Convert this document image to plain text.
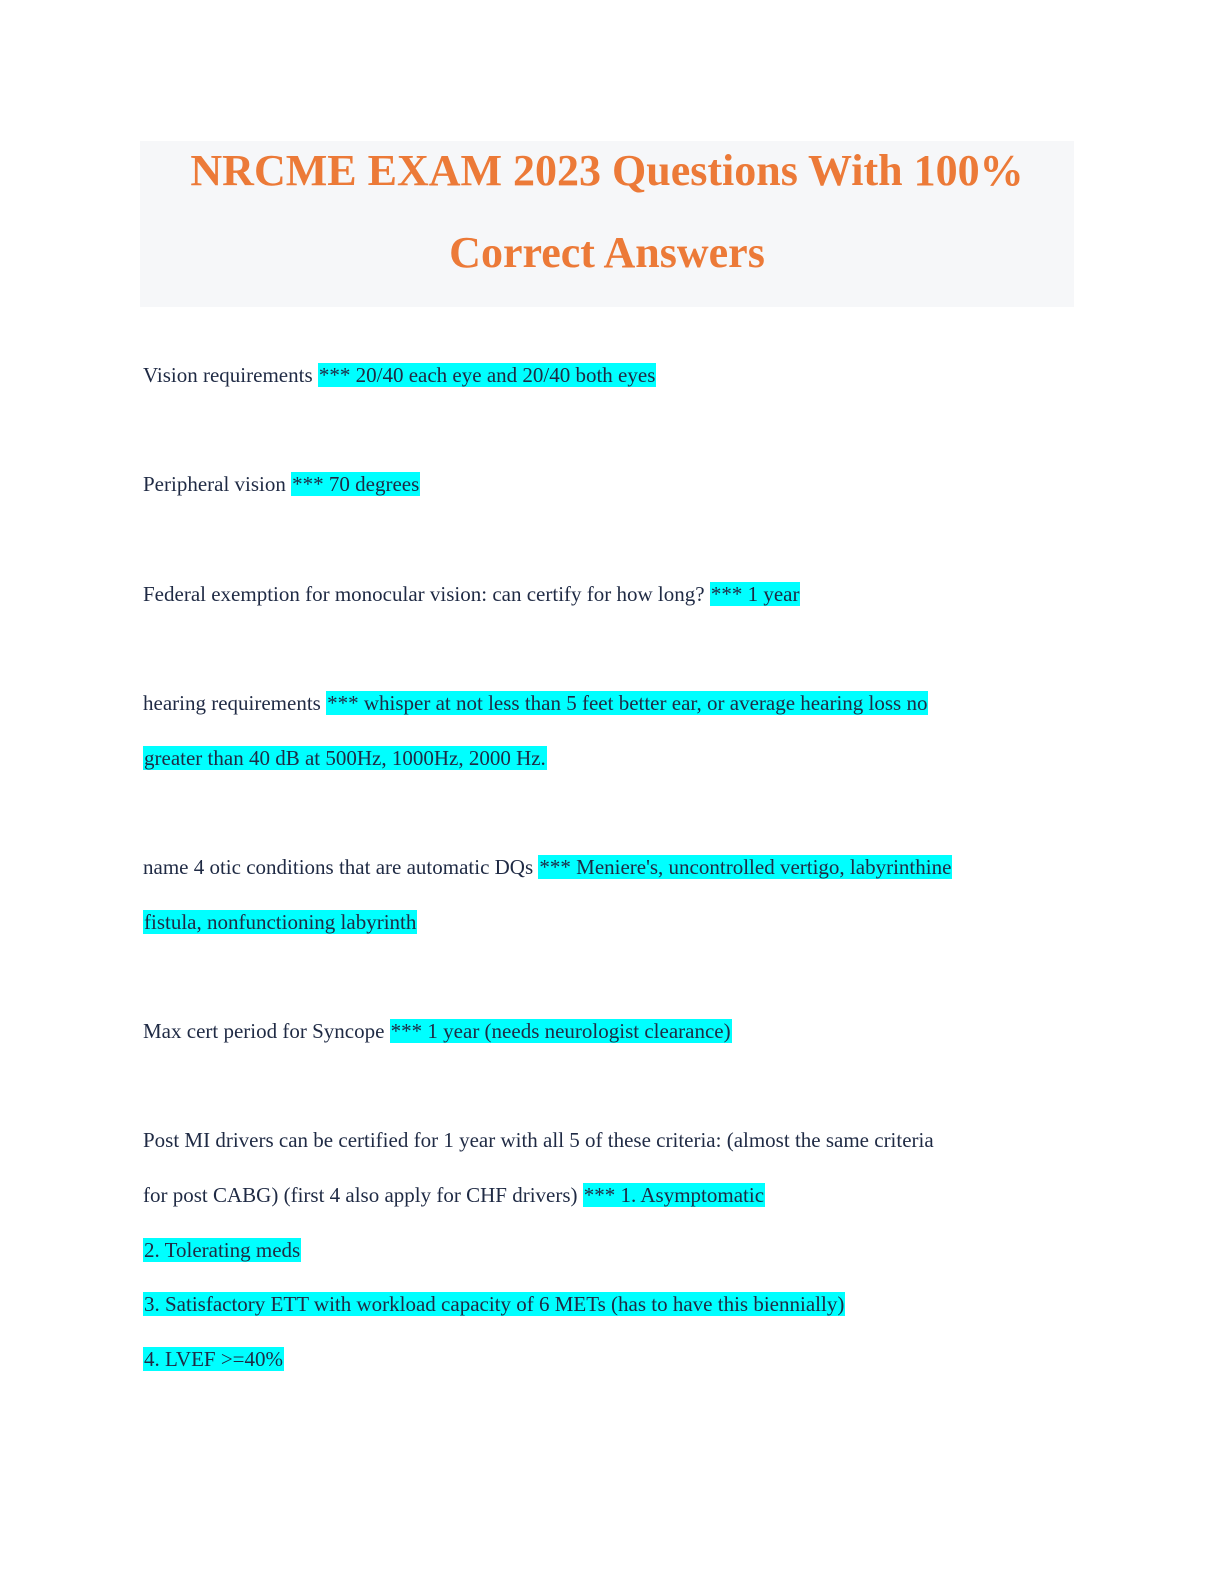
NRCME EXAM 2023 Questions With 100%
Correct Answers
Vision requirements *** 20/40 each eye and 20/40 both eyes
Peripheral vision *** 70 degrees
Federal exemption for monocular vision: can certify for how long? *** 1 year
hearing requirements *** whisper at not less than 5 feet better ear, or average hearing loss no
greater than 40 dB at 500Hz, 1000Hz, 2000 Hz.
name 4 otic conditions that are automatic DQs *** Meniere's, uncontrolled vertigo, labyrinthine
fistula, nonfunctioning labyrinth
Max cert period for Syncope *** 1 year (needs neurologist clearance)
Post MI drivers can be certified for 1 year with all 5 of these criteria: (almost the same criteria
for post CABG) (first 4 also apply for CHF drivers) *** 1. Asymptomatic
2. Tolerating meds
3. Satisfactory ETT with workload capacity of 6 METs (has to have this biennially)
4. LVEF >=40%
